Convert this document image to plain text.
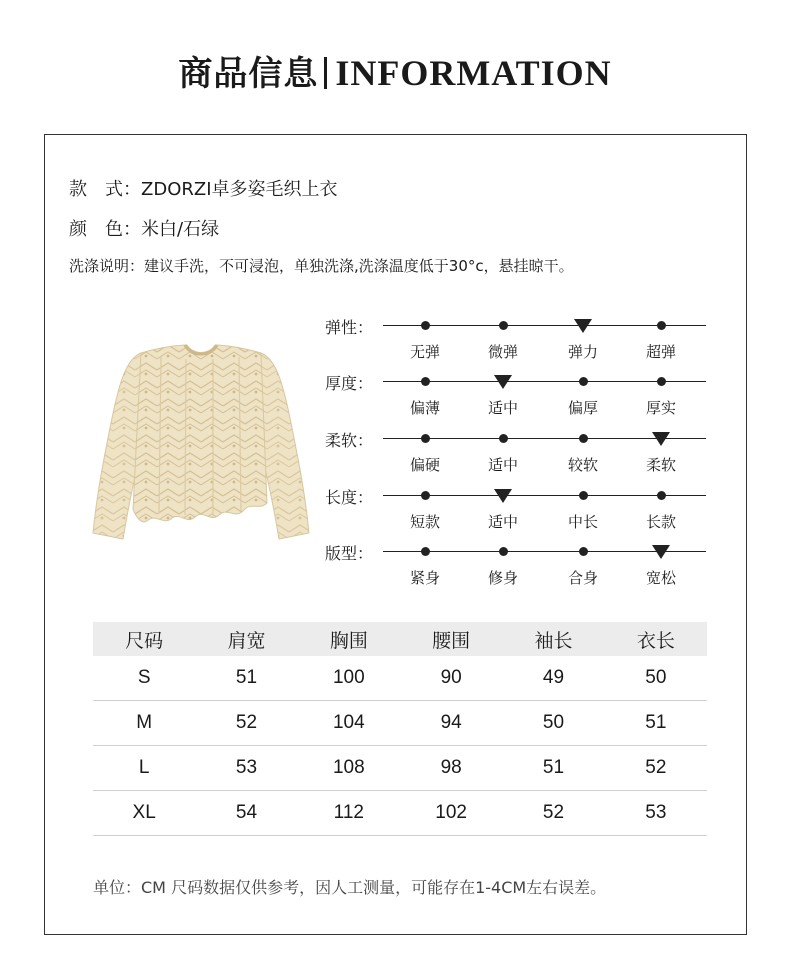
商品信息 INFORMATION
款　式：ZDORZI卓多姿毛织上衣
颜　色：米白/石绿
洗涤说明：建议手洗，不可浸泡，单独洗涤,洗涤温度低于30°c，悬挂晾干。
弹性：
无弹	微弹	弹力	超弹
厚度：
偏薄	适中	偏厚	厚实
柔软：
偏硬	适中	较软	柔软
长度：
短款	适中	中长	长款
版型：
紧身	修身	合身	宽松
尺码	肩宽	胸围	腰围	袖长	衣长
S	51	100	90	49	50
M	52	104	94	50	51
L	53	108	98	51	52
XL	54	112	102	52	53
单位：CM 尺码数据仅供参考，因人工测量，可能存在1-4CM左右误差。
